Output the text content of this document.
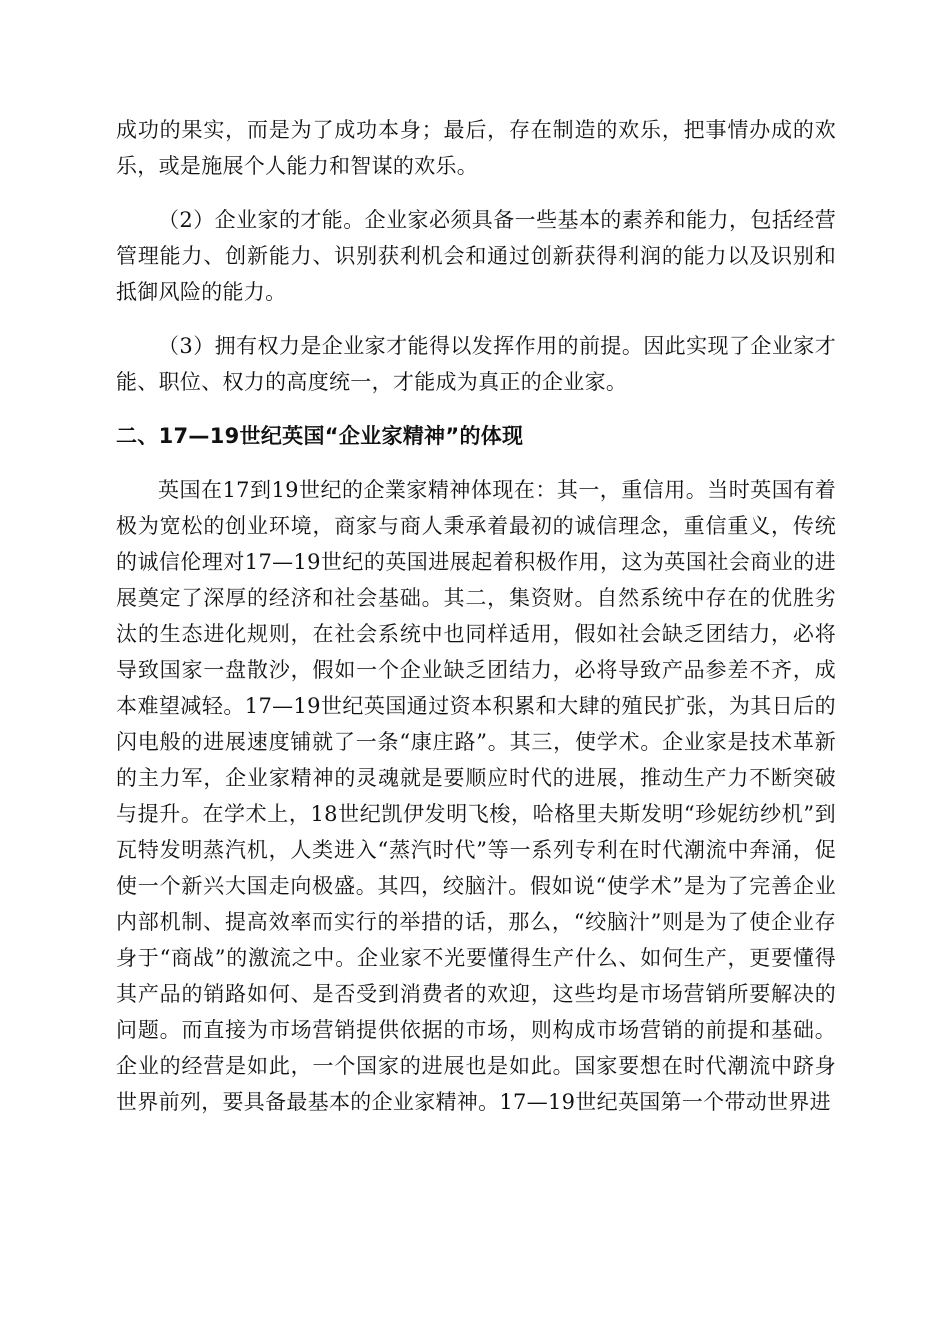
成功的果实，而是为了成功本身；最后，存在制造的欢乐，把事情办成的欢乐，或是施展个人能力和智谋的欢乐。

（2）企业家的才能。企业家必须具备一些基本的素养和能力，包括经营管理能力、创新能力、识别获利机会和通过创新获得利润的能力以及识别和抵御风险的能力。

（3）拥有权力是企业家才能得以发挥作用的前提。因此实现了企业家才能、职位、权力的高度统一，才能成为真正的企业家。

二、17—19世纪英国“企业家精神”的体现

英国在17到19世纪的企業家精神体现在：其一，重信用。当时英国有着极为宽松的创业环境，商家与商人秉承着最初的诚信理念，重信重义，传统的诚信伦理对17—19世纪的英国进展起着积极作用，这为英国社会商业的进展奠定了深厚的经济和社会基础。其二，集资财。自然系统中存在的优胜劣汰的生态进化规则，在社会系统中也同样适用，假如社会缺乏团结力，必将导致国家一盘散沙，假如一个企业缺乏团结力，必将导致产品参差不齐，成本难望减轻。17—19世纪英国通过资本积累和大肆的殖民扩张，为其日后的闪电般的进展速度铺就了一条“康庄路”。其三，使学术。企业家是技术革新的主力军，企业家精神的灵魂就是要顺应时代的进展，推动生产力不断突破与提升。在学术上，18世纪凯伊发明飞梭，哈格里夫斯发明“珍妮纺纱机”到瓦特发明蒸汽机，人类进入“蒸汽时代”等一系列专利在时代潮流中奔涌，促使一个新兴大国走向极盛。其四，绞脑汁。假如说“使学术”是为了完善企业内部机制、提高效率而实行的举措的话，那么，“绞脑汁”则是为了使企业存身于“商战”的激流之中。企业家不光要懂得生产什么、如何生产，更要懂得其产品的销路如何、是否受到消费者的欢迎，这些均是市场营销所要解决的问题。而直接为市场营销提供依据的市场，则构成市场营销的前提和基础。企业的经营是如此，一个国家的进展也是如此。国家要想在时代潮流中跻身世界前列，要具备最基本的企业家精神。17—19世纪英国第一个带动世界进
